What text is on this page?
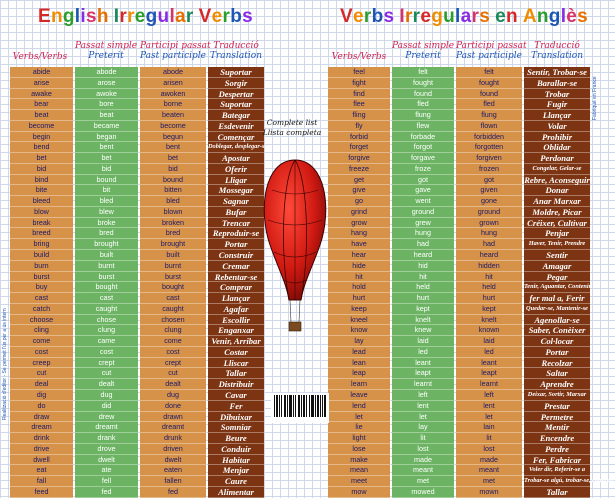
English Irregular Verbs	Verbs Irregulars en Anglès
Verbs/Verbs
Passat simple
Preterit
Participi passat
Past participle
Traducció
Translation	Verbs/Verbs
Passat simple
Preterit
Participi passat
Past participle
Traducció
Translation
abide
arise
awake
bear
beat
become
begin
bend
bet
bid
bind
bite
bleed
blow
break
breed
bring
build
burn
burst
buy
cast
catch
choose
cling
come
cost
creep
cut
deal
dig
do
draw
dream
drink
drive
dwell
eat
fall
feed
abode
arose
awoke
bore
beat
became
began
bent
bet
bid
bound
bit
bled
blew
broke
bred
brought
built
burnt
burst
bought
cast
caught
chose
clung
came
cost
crept
cut
dealt
dug
did
drew
dreamt
drank
drove
dwelt
ate
fell
fed
abode
arisen
awoken
borne
beaten
become
begun
bent
bet
bid
bound
bitten
bled
blown
broken
bred
brought
built
burnt
burst
bought
cast
caught
chosen
clung
come
cost
crept
cut
dealt
dug
done
drawn
dreamt
drunk
driven
dwelt
eaten
fallen
fed
Suportar
Sorgir
Despertar
Suportar
Bategar
Esdevenir
Començar
Doblegar, desplegar-se
Apostar
Oferir
Lligar
Mossegar
Sagnar
Bufar
Trencar
Reproduir-se
Portar
Construir
Cremar
Rebentar-se
Comprar
Llançar
Agafar
Escollir
Enganxar
Venir, Arribar
Costar
Lliscar
Tallar
Distribuir
Cavar
Fer
Dibuixar
Somniar
Beure
Conduir
Habitar
Menjar
Caure
Alimentar
feel
fight
find
flee
fling
fly
forbid
forget
forgive
freeze
get
give
go
grind
grow
hang
have
hear
hide
hit
hold
hurt
keep
kneel
know
lay
lead
lean
leap
learn
leave
lend
let
lie
light
lose
make
mean
meet
mow
felt
fought
found
fled
flung
flew
forbade
forgot
forgave
froze
got
gave
went
ground
grew
hung
had
heard
hid
hit
held
hurt
kept
knelt
knew
laid
led
leant
leapt
learnt
left
lent
let
lay
lit
lost
made
meant
met
mowed
felt
fought
found
fled
flung
flown
forbidden
forgotten
forgiven
frozen
got
given
gone
ground
grown
hung
had
heard
hidden
hit
held
hurt
kept
knelt
known
laid
led
leant
leapt
learnt
left
lent
let
lain
lit
lost
made
meant
met
mown
Sentir, Trobar-se
Barallar-se
Trobar
Fugir
Llançar
Volar
Prohibir
Oblidar
Perdonar
Congelar, Gelar-se
Rebre, Aconseguir
Donar
Anar Marxar
Moldre, Picar
Créixer, Cultivar
Penjar
Haver, Tenir, Prendre
Sentir
Amagar
Pegar
Tenir, Aguantar, Contenir
fer mal a, Ferir
Quedar-se, Mantenir-se
Agenollar-se
Saber, Conèixer
Col·locar
Portar
Recolzar
Saltar
Aprendre
Deixar, Sortir, Marxar
Prestar
Permetre
Mentir
Encendre
Perdre
Fer, Fabricar
Voler dir, Referir-se a
Trobar-se algú, trobar-se, conèixer
Tallar
Complete list
Llista completa
Realització d'editor - Se permet l'ús per a ús intern
Fabriqué en France
